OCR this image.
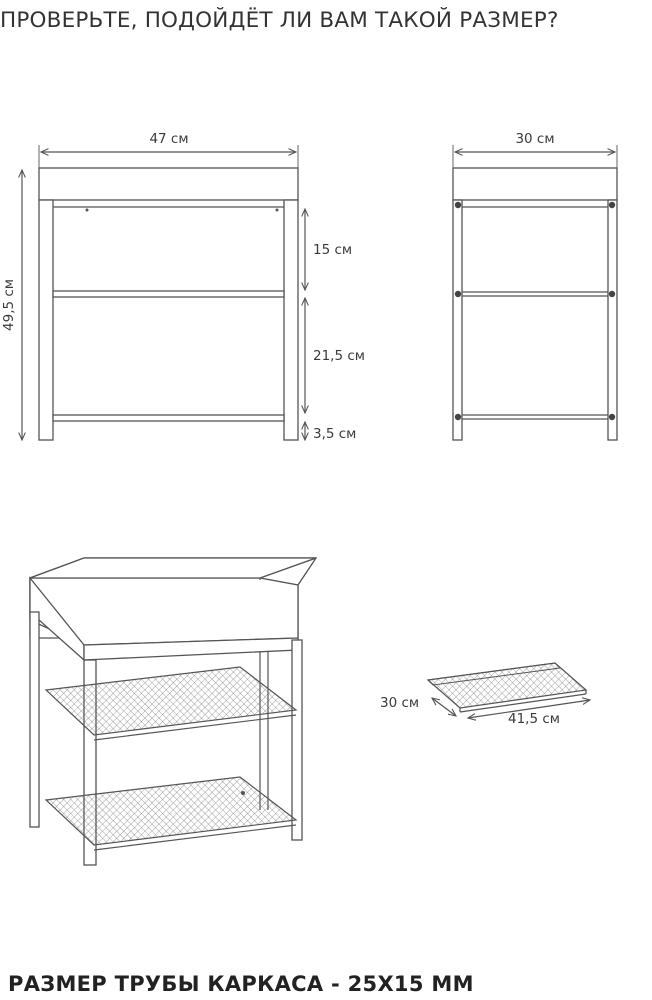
ПРОВЕРЬТЕ, ПОДОЙДЁТ ЛИ ВАМ ТАКОЙ РАЗМЕР?
47 см
49,5 см
15 см
21,5 см
3,5 см
30 см
30 см
41,5 см
РАЗМЕР ТРУБЫ КАРКАСА - 25Х15 ММ
